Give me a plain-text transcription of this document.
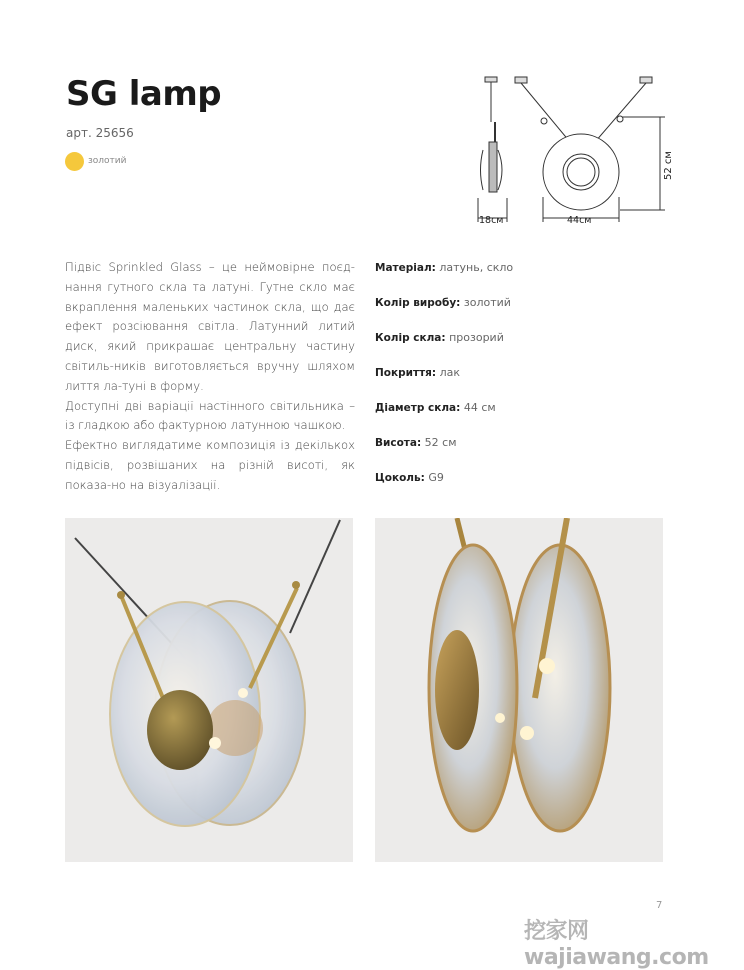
SG lamp
арт. 25656
золотий
18см	44см
52 см

Підвіс Sprinkled Glass – це неймовірне поєд-нання гутного скла та латуні. Гутне скло має вкраплення маленьких частинок скла, що дає ефект розсіювання світла. Латунний литий диск, який прикрашає центральну частину світиль-ників виготовляється вручну шляхом лиття ла-туні в форму.

Доступні дві варіації настінного світильника – із гладкою або фактурною латунною чашкою.

Ефектно виглядатиме композиція із декількох підвісів, розвішаних на різній висоті, як показа-но на візуалізації.

Матеріал: латунь, скло
Колір виробу: золотий
Колір скла: прозорий
Покриття: лак
Діаметр скла: 44 см
Висота: 52 см
Цоколь: G9
7
挖家网 wajiawang.com
